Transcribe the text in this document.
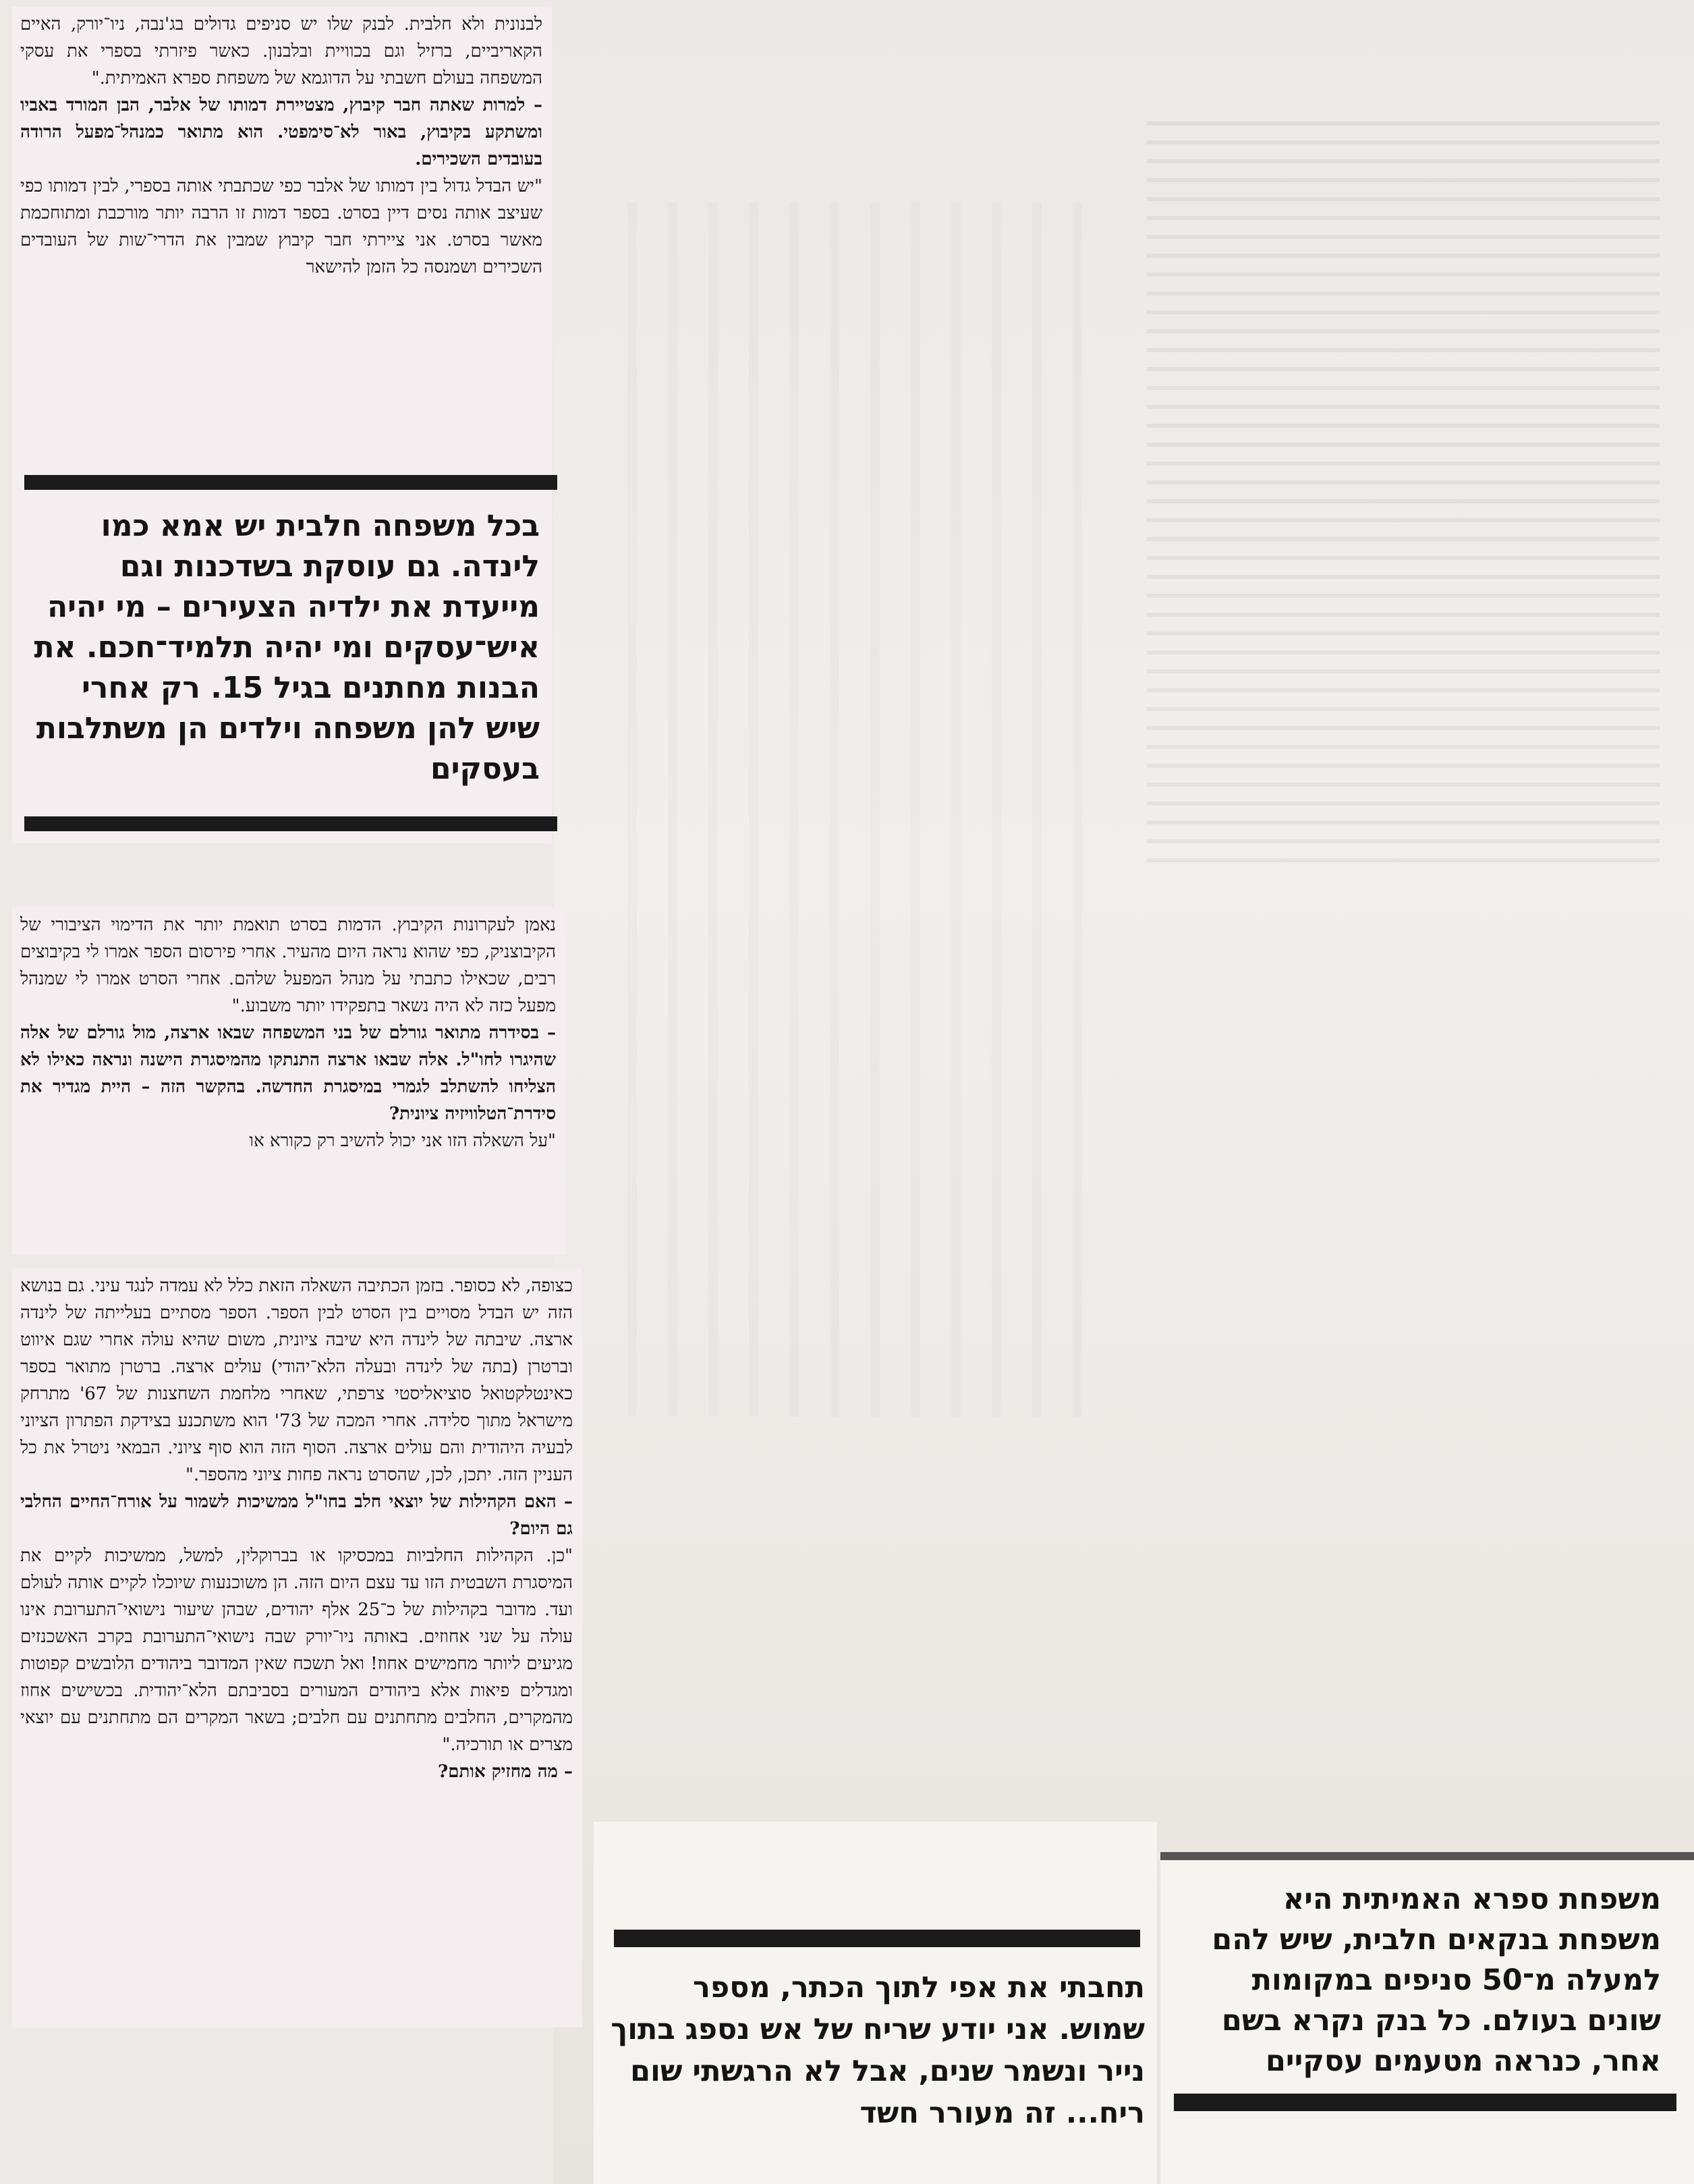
לבנונית ולא חלבית. לבנק שלו יש סניפים גדולים בג'נבה, ניו־יורק, האיים הקאריביים, ברזיל וגם בכוויית ובלבנון. כאשר פיזרתי בספרי את עסקי המשפחה בעולם חשבתי על הדוגמא של משפחת ספרא האמיתית."

– למרות שאתה חבר קיבוץ, מצטיירת דמותו של אלבר, הבן המורד באביו ומשתקע בקיבוץ, באור לא־סימפטי. הוא מתואר כמנהל־מפעל הרודה בעובדים השכירים.

"יש הבדל גדול בין דמותו של אלבר כפי שכתבתי אותה בספרי, לבין דמותו כפי שעיצב אותה נסים דיין בסרט. בספר דמות זו הרבה יותר מורכבת ומתוחכמת מאשר בסרט. אני ציירתי חבר קיבוץ שמבין את הדרי־שות של העובדים השכירים ושמנסה כל הזמן להישאר

בכל משפחה חלבית יש אמא כמו לינדה. גם עוסקת בשדכנות וגם מייעדת את ילדיה הצעירים – מי יהיה איש־עסקים ומי יהיה תלמיד־חכם. את הבנות מחתנים בגיל 15. רק אחרי שיש להן משפחה וילדים הן משתלבות בעסקים

נאמן לעקרונות הקיבוץ. הדמות בסרט תואמת יותר את הדימוי הציבורי של הקיבוצניק, כפי שהוא נראה היום מהעיר. אחרי פירסום הספר אמרו לי בקיבוצים רבים, שכאילו כתבתי על מנהל המפעל שלהם. אחרי הסרט אמרו לי שמנהל מפעל כזה לא היה נשאר בתפקידו יותר משבוע."

– בסידרה מתואר גורלם של בני המשפחה שבאו ארצה, מול גורלם של אלה שהיגרו לחו"ל. אלה שבאו ארצה התנתקו מהמיסגרת הישנה ונראה כאילו לא הצליחו להשתלב לגמרי במיסגרת החדשה. בהקשר הזה – היית מגדיר את סידרת־הטלוויזיה ציונית?

"על השאלה הזו אני יכול להשיב רק כקורא או

כצופה, לא כסופר. בזמן הכתיבה השאלה הזאת כלל לא עמדה לנגד עיני. גם בנושא הזה יש הבדל מסויים בין הסרט לבין הספר. הספר מסתיים בעלייתה של לינדה ארצה. שיבתה של לינדה היא שיבה ציונית, משום שהיא עולה אחרי שגם איווט וברטרן (בתה של לינדה ובעלה הלא־יהודי) עולים ארצה. ברטרן מתואר בספר כאינטלקטואל סוציאליסטי צרפתי, שאחרי מלחמת השחצנות של 67' מתרחק מישראל מתוך סלידה. אחרי המכה של 73' הוא משתכנע בצידקת הפתרון הציוני לבעיה היהודית והם עולים ארצה. הסוף הזה הוא סוף ציוני. הבמאי ניטרל את כל העניין הזה. יתכן, לכן, שהסרט נראה פחות ציוני מהספר."

– האם הקהילות של יוצאי חלב בחו"ל ממשיכות לשמור על אורח־החיים החלבי גם היום?

"כן. הקהילות החלביות במכסיקו או בברוקלין, למשל, ממשיכות לקיים את המיסגרת השבטית הזו עד עצם היום הזה. הן משוכנעות שיוכלו לקיים אותה לעולם ועד. מדובר בקהילות של כ־25 אלף יהודים, שבהן שיעור נישואי־התערובת אינו עולה על שני אחוזים. באותה ניו־יורק שבה נישואי־התערובת בקרב האשכנזים מגיעים ליותר מחמישים אחוז! ואל תשכח שאין המדובר ביהודים הלובשים קפוטות ומגדלים פיאות אלא ביהודים המעורים בסביבתם הלא־יהודית. בכשישים אחוז מהמקרים, החלבים מתחתנים עם חלבים; בשאר המקרים הם מתחתנים עם יוצאי מצרים או תורכיה."

– מה מחזיק אותם?

תחבתי את אפי לתוך הכתר, מספר שמוש. אני יודע שריח של אש נספג בתוך נייר ונשמר שנים, אבל לא הרגשתי שום ריח... זה מעורר חשד
משפחת ספרא האמיתית היא משפחת בנקאים חלבית, שיש להם למעלה מ־50 סניפים במקומות שונים בעולם. כל בנק נקרא בשם אחר, כנראה מטעמים עסקיים
